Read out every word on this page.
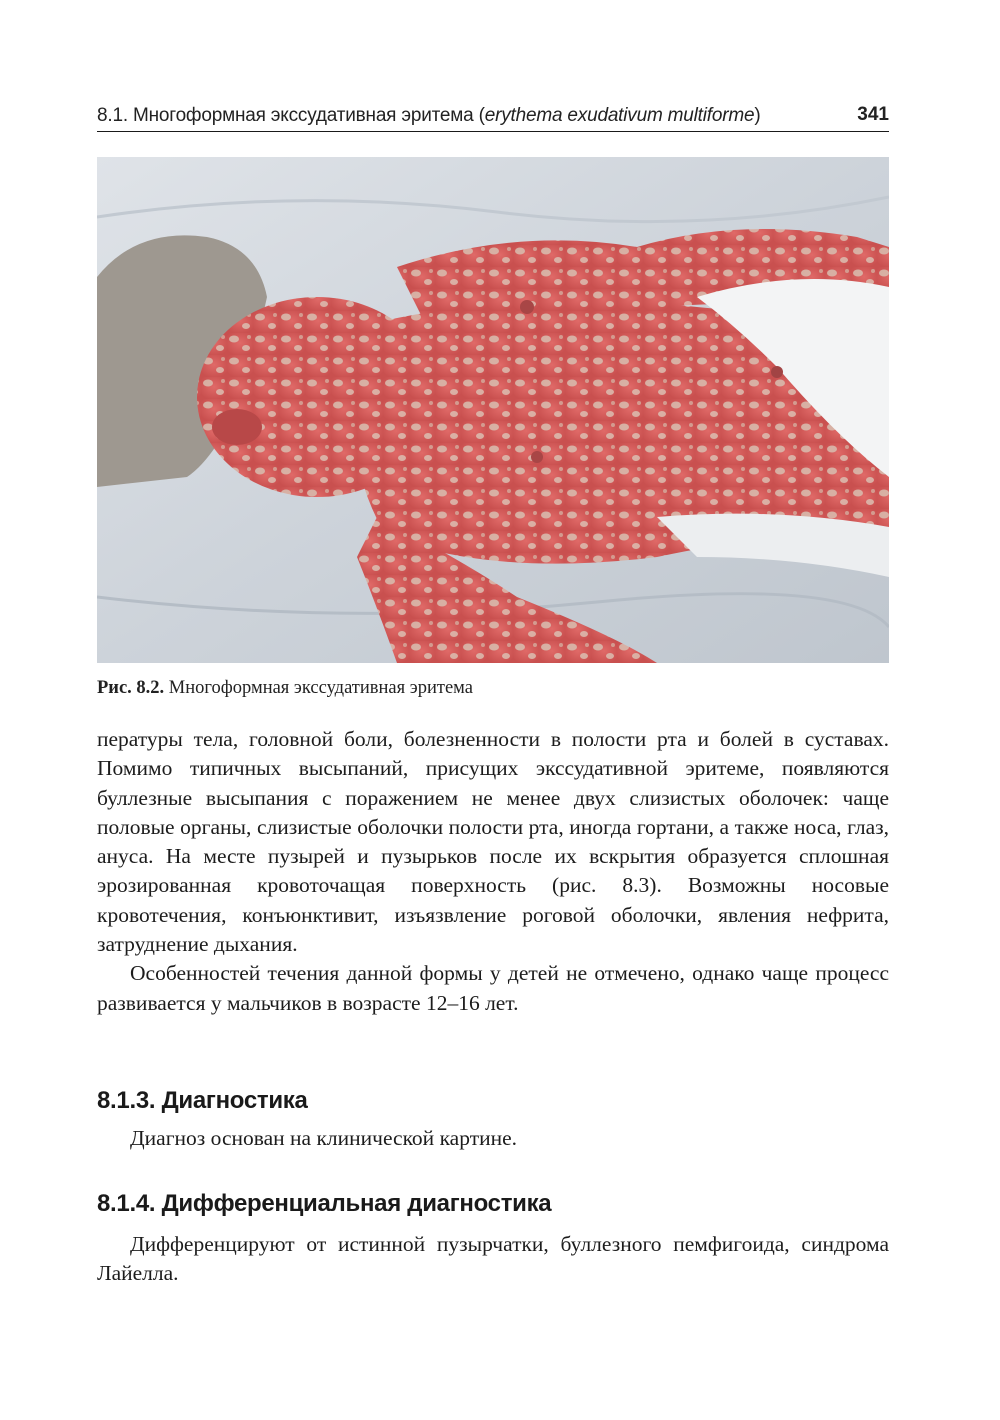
8.1. Многоформная экссудативная эритема (erythema exudativum multiforme)	341
Рис. 8.2. Многоформная экссудативная эритема

пературы тела, головной боли, болезненности в полости рта и болей в суставах. Помимо типичных высыпаний, присущих экссудативной эритеме, появляются буллезные высыпания с поражением не менее двух слизистых оболочек: чаще половые органы, слизистые оболочки полости рта, иногда гортани, а также носа, глаз, ануса. На месте пузырей и пузырьков после их вскрытия образуется сплошная эрозированная кровоточащая поверхность (рис. 8.3). Возможны носовые кровотечения, конъюнктивит, изъязвление роговой оболочки, явления нефрита, затруднение дыхания.

Особенностей течения данной формы у детей не отмечено, однако чаще процесс развивается у мальчиков в возрасте 12–16 лет.

8.1.3. Диагностика

Диагноз основан на клинической картине.

8.1.4. Дифференциальная диагностика

Дифференцируют от истинной пузырчатки, буллезного пемфигоида, синдрома Лайелла.
